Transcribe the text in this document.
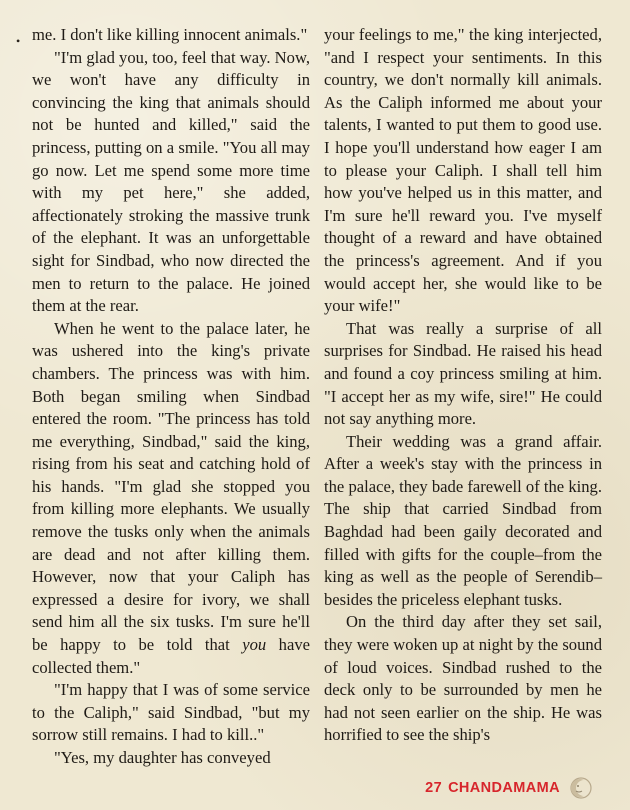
• me. I don't like killing innocent animals."

"I'm glad you, too, feel that way. Now, we won't have any difficulty in convincing the king that animals should not be hunted and killed," said the princess, putting on a smile. "You all may go now. Let me spend some more time with my pet here," she added, affectionately stroking the massive trunk of the elephant. It was an unforgettable sight for Sindbad, who now directed the men to return to the palace. He joined them at the rear.

When he went to the palace later, he was ushered into the king's private chambers. The princess was with him. Both began smiling when Sindbad entered the room. "The princess has told me everything, Sindbad," said the king, rising from his seat and catching hold of his hands. "I'm glad she stopped you from killing more elephants. We usually remove the tusks only when the animals are dead and not after killing them. However, now that your Caliph has expressed a desire for ivory, we shall send him all the six tusks. I'm sure he'll be happy to be told that you have collected them."

"I'm happy that I was of some service to the Caliph," said Sindbad, "but my sorrow still remains. I had to kill.."

"Yes, my daughter has conveyed

your feelings to me," the king interjected, "and I respect your sentiments. In this country, we don't normally kill animals. As the Caliph informed me about your talents, I wanted to put them to good use. I hope you'll understand how eager I am to please your Caliph. I shall tell him how you've helped us in this matter, and I'm sure he'll reward you. I've myself thought of a reward and have obtained the princess's agreement. And if you would accept her, she would like to be your wife!"

That was really a surprise of all surprises for Sindbad. He raised his head and found a coy princess smiling at him. "I accept her as my wife, sire!" He could not say anything more.

Their wedding was a grand affair. After a week's stay with the princess in the palace, they bade farewell of the king. The ship that carried Sindbad from Baghdad had been gaily decorated and filled with gifts for the couple–from the king as well as the people of Serendib–besides the priceless elephant tusks.

On the third day after they set sail, they were woken up at night by the sound of loud voices. Sindbad rushed to the deck only to be surrounded by men he had not seen earlier on the ship. He was horrified to see the ship's

27 CHANDAMAMA
